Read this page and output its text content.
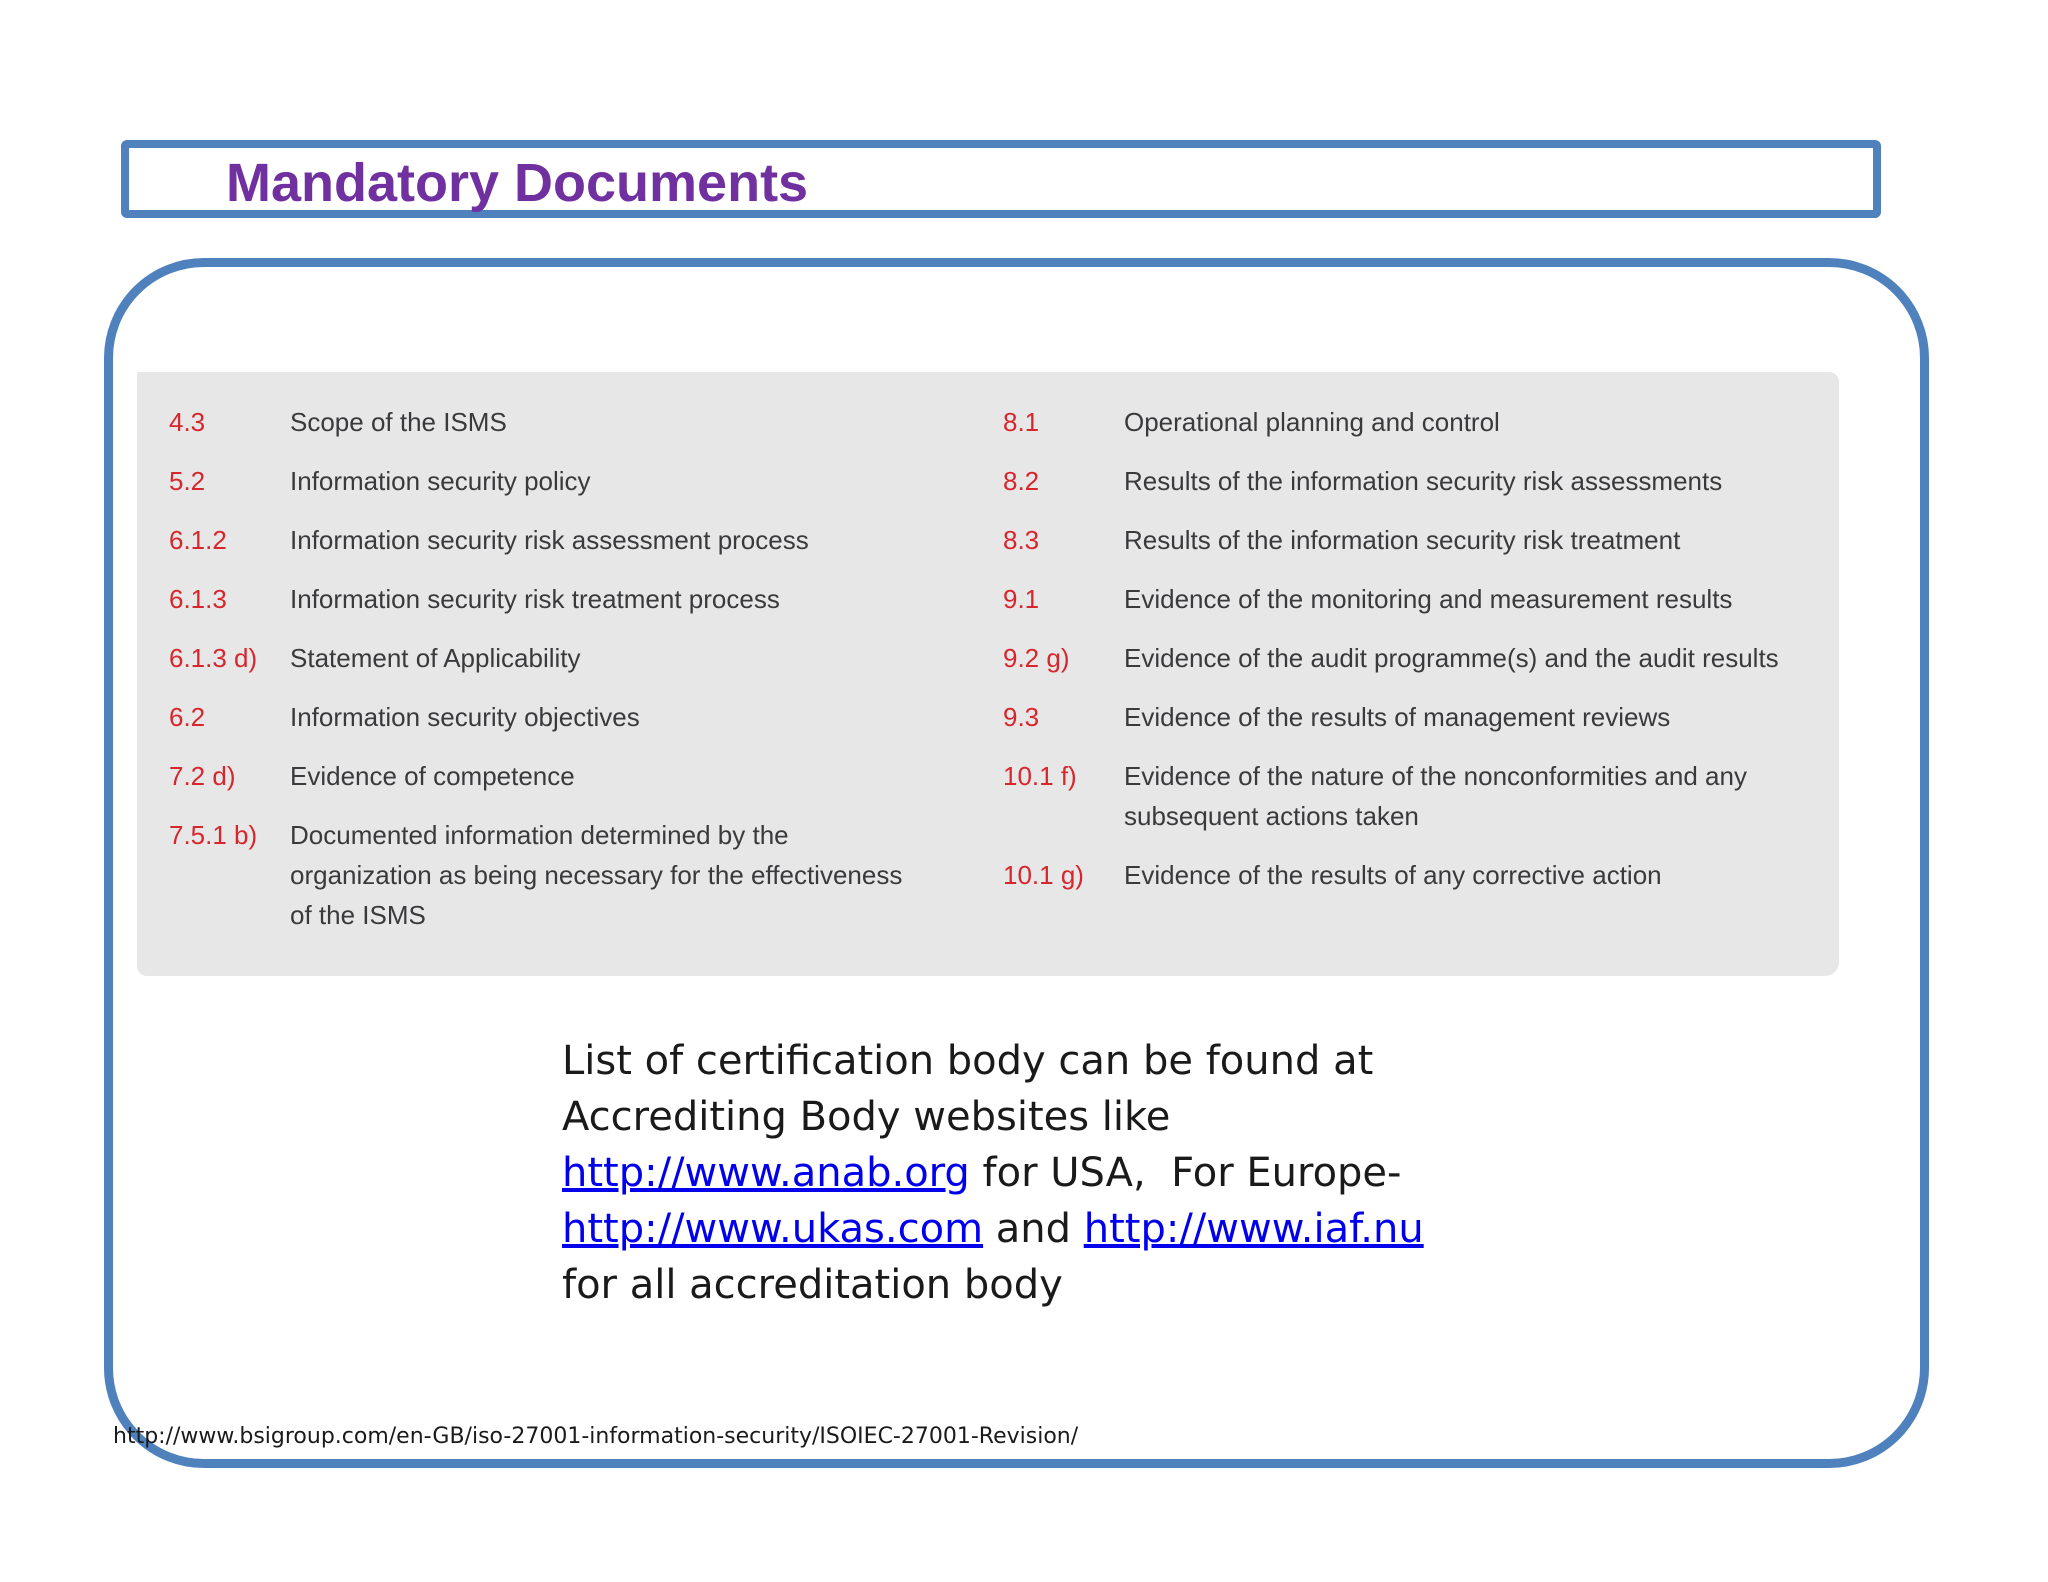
Mandatory Documents
4.3	Scope of the ISMS
5.2	Information security policy
6.1.2	Information security risk assessment process
6.1.3	Information security risk treatment process
6.1.3 d)	Statement of Applicability
6.2	Information security objectives
7.2 d)	Evidence of competence
7.5.1 b)	Documented information determined by the organization as being necessary for the effectiveness of the ISMS
8.1	Operational planning and control
8.2	Results of the information security risk assessments
8.3	Results of the information security risk treatment
9.1	Evidence of the monitoring and measurement results
9.2 g)	Evidence of the audit programme(s) and the audit results
9.3	Evidence of the results of management reviews
10.1 f)	Evidence of the nature of the nonconformities and any subsequent actions taken
10.1 g)	Evidence of the results of any corrective action

List of certification body can be found at
Accrediting Body websites like
http://www.anab.org for USA,  For Europe-
http://www.ukas.com and http://www.iaf.nu
for all accreditation body

http://www.bsigroup.com/en-GB/iso-27001-information-security/ISOIEC-27001-Revision/
